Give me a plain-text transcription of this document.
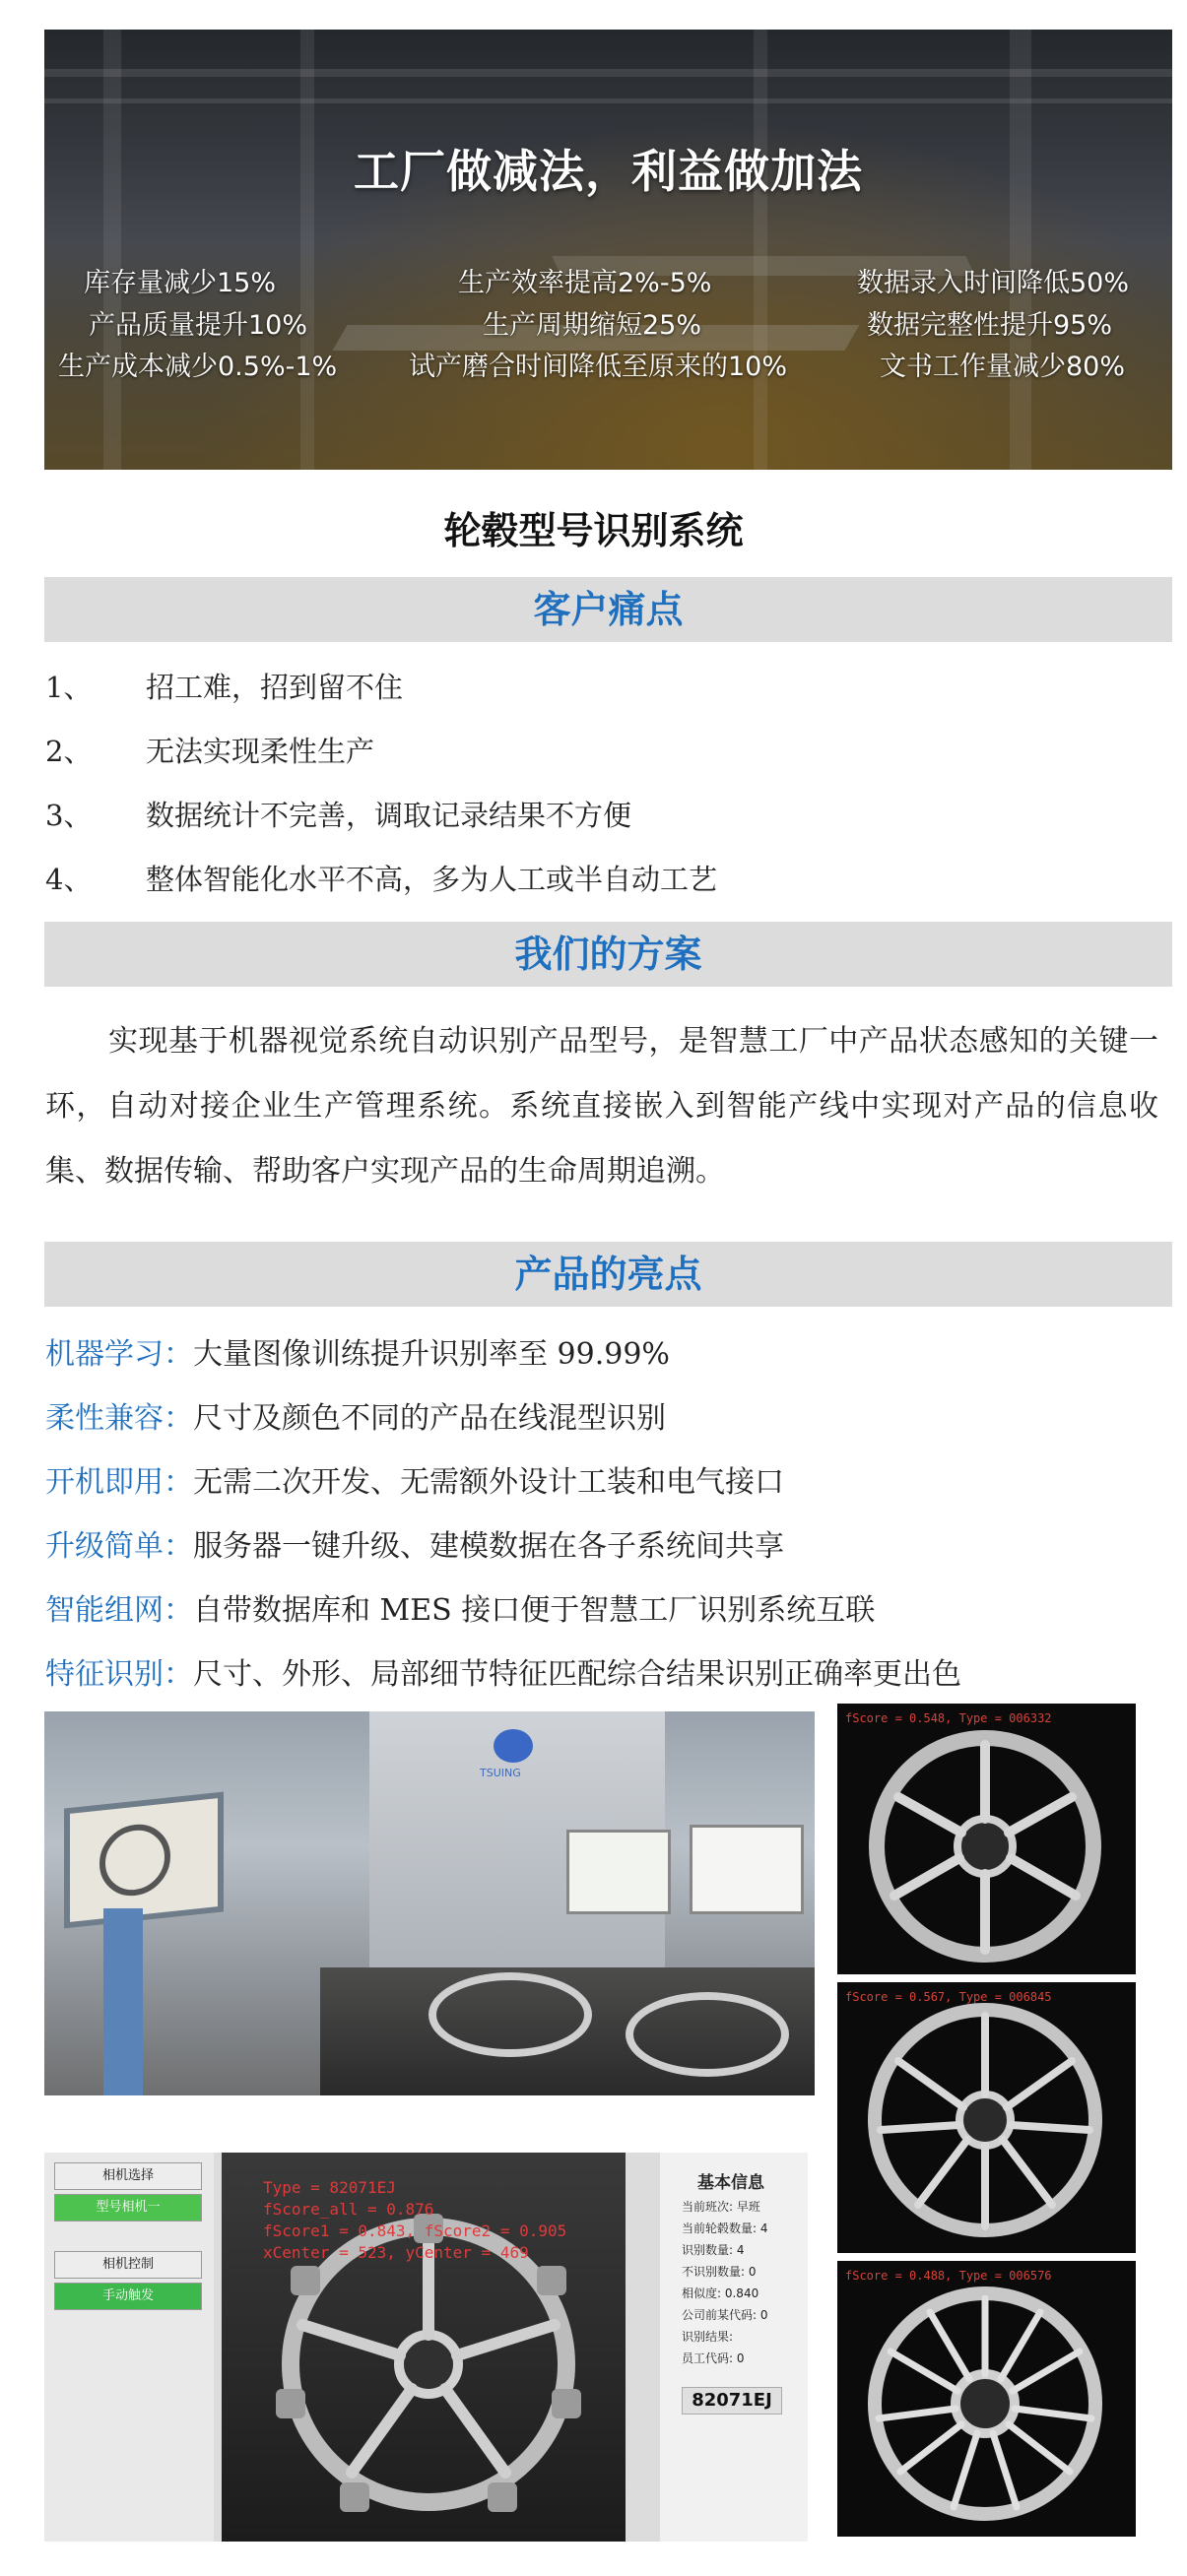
工厂做减法，利益做加法
库存量减少15%
产品质量提升10%
生产成本减少0.5%-1%
生产效率提高2%-5%
生产周期缩短25%
试产磨合时间降低至原来的10%
数据录入时间降低50%
数据完整性提升95%
文书工作量减少80%
轮毂型号识别系统
客户痛点
1、 招工难，招到留不住
2、 无法实现柔性生产
3、 数据统计不完善，调取记录结果不方便
4、 整体智能化水平不高，多为人工或半自动工艺
我们的方案
实现基于机器视觉系统自动识别产品型号，是智慧工厂中产品状态感知的关键一环，自动对接企业生产管理系统。系统直接嵌入到智能产线中实现对产品的信息收集、数据传输、帮助客户实现产品的生命周期追溯。
产品的亮点
机器学习：大量图像训练提升识别率至 99.99%
柔性兼容：尺寸及颜色不同的产品在线混型识别
开机即用：无需二次开发、无需额外设计工装和电气接口
升级简单：服务器一键升级、建模数据在各子系统间共享
智能组网：自带数据库和 MES 接口便于智慧工厂识别系统互联
特征识别：尺寸、外形、局部细节特征匹配综合结果识别正确率更出色
TSUING
fScore = 0.548, Type = 006332
fScore = 0.567, Type = 006845
fScore = 0.488, Type = 006576
相机选择
型号相机一
相机控制
手动触发
Type = 82071EJ
fScore_all = 0.876
fScore1 = 0.843, fScore2 = 0.905
xCenter = 523, yCenter = 469
基本信息
当前班次: 早班
当前轮毂数量: 4
识别数量: 4
不识别数量: 0
相似度: 0.840
公司前某代码: 0
识别结果:
员工代码: 0
82071EJ
